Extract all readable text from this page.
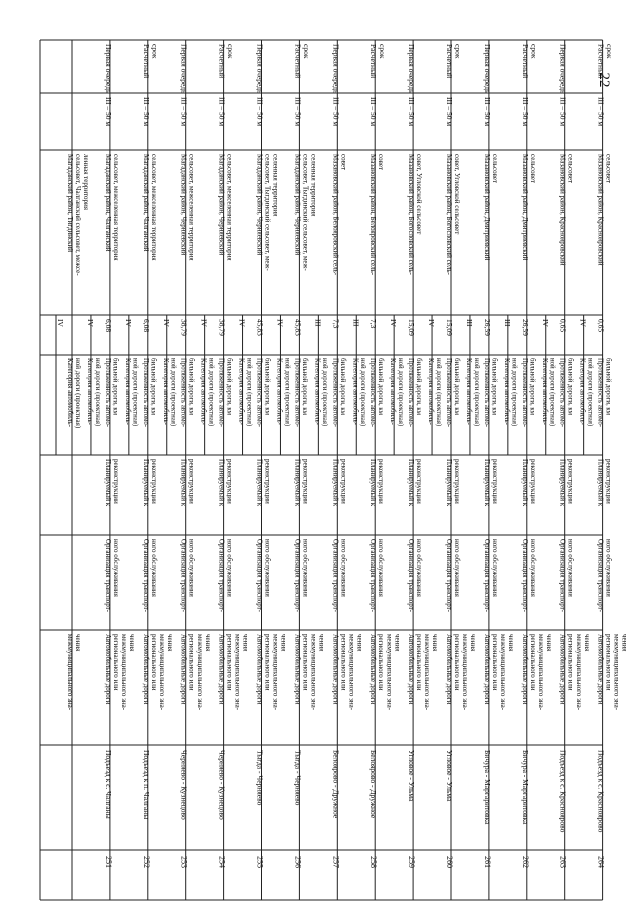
22
межмуниципального зна-чения
Категория автомобиль-ной дороги (проектная)
IV
Магаданский район, Тигдинскийсельсовет, Чалганский сельсовет, межсе-ленная территория
251
Подъезд к с. Чалганы
Автомобильные дорогирегионального илимежмуниципального зна-чения
Организация транспорт-ного обслуживания
Планируемый креконструкции
Протяженность автомо-бильной дороги, км
Категория автомобиль-ной дороги (проектная)
6,08
IV
Магаданский район, Чалганскийсельсовет, межселенная территория
III – 50 м
Первая очередь
252
Подъезд к п. Чалганы
Автомобильные дорогирегионального илимежмуниципального зна-чения
Организация транспорт-ного обслуживания
Планируемый креконструкции
Протяженность автомо-бильной дороги, км
Категория автомобиль-ной дороги (проектная)
6,08
IV
Магаданский район, Чалганскийсельсовет, межселенная территория
III – 50 м
Расчетныйсрок
253
Черняево - Кузнецово
Автомобильные дорогирегионального илимежмуниципального зна-чения
Организация транспорт-ного обслуживания
Планируемый креконструкции
Протяженность автомо-бильной дороги, км
Категория автомобиль-ной дороги (проектная)
38,79
IV
Магаданский район, Черняевскийсельсовет, межселенная территория
III – 50 м
Первая очередь
254
Черняево - Кузнецово
Автомобильные дорогирегионального илимежмуниципального зна-чения
Организация транспорт-ного обслуживания
Планируемый креконструкции
Протяженность автомо-бильной дороги, км
Категория автомобиль-ной дороги (проектная)
38,79
IV
Магаданский район, Черняевскийсельсовет, межселенная территория
III – 50 м
Расчетныйсрок
255
Тыгда - Черняево
Автомобильные дорогирегионального илимежмуниципального зна-чения
Организация транспорт-ного обслуживания
Планируемый креконструкции
Протяженность автомо-бильной дороги, км
Категория автомобиль-ной дороги (проектная)
45,83
IV
Магаданский район, Черняевскийсельсовет, Тыгдинский сельсовет, меж-селенная территория
III – 50 м
Первая очередь
256
Тыгда - Черняево
Автомобильные дорогирегионального илимежмуниципального зна-чения
Организация транспорт-ного обслуживания
Планируемый креконструкции
Протяженность автомо-бильной дороги, км
Категория автомобиль-ной дороги (проектная)
45,83
IV
Магаданский район, Черняевскийсельсовет, Тыгдинский сельсовет, меж-селенная территория
III – 50 м
Расчетныйсрок
257
Белоярово - Дружное
Автомобильные дорогирегионального илимежмуниципального зна-чения
Организация транспорт-ного обслуживания
Планируемый креконструкции
Протяженность автомо-бильной дороги, км
Категория автомобиль-ной дороги (проектная)
7,3
III
Мазановский район, Белояровский сель-совет
III – 50 м
Первая очередь
258
Белоярово - Дружное
Автомобильные дорогирегионального илимежмуниципального зна-чения
Организация транспорт-ного обслуживания
Планируемый креконструкции
Протяженность автомо-бильной дороги, км
Категория автомобиль-ной дороги (проектная)
7,3
III
Мазановский район, Белояровский сель-совет
III – 50 м
Расчетныйсрок
259
Угловое - Ульма
Автомобильные дорогирегионального илимежмуниципального зна-чения
Организация транспорт-ного обслуживания
Планируемый креконструкции
Протяженность автомо-бильной дороги, км
Категория автомобиль-ной дороги (проектная)
15,09
IV
Мазановский район, Богословский сель-совет, Угловской сельсовет
III – 50 м
Первая очередь
260
Угловое - Ульма
Автомобильные дорогирегионального илимежмуниципального зна-чения
Организация транспорт-ного обслуживания
Планируемый креконструкции
Протяженность автомо-бильной дороги, км
Категория автомобиль-ной дороги (проектная)
15,09
IV
Мазановский район, Богословский сель-совет, Угловской сельсовет
III – 50 м
Расчетныйсрок
261
Бичура - Маргаритовка
Автомобильные дорогирегионального илимежмуниципального зна-чения
Организация транспорт-ного обслуживания
Планируемый креконструкции
Протяженность автомо-бильной дороги, км
Категория автомобиль-ной дороги (проектная)
26,59
III
Мазановский район, Дмитриевскийсельсовет
III – 50 м
Первая очередь
262
Бичура - Маргаритовка
Автомобильные дорогирегионального илимежмуниципального зна-чения
Организация транспорт-ного обслуживания
Планируемый креконструкции
Протяженность автомо-бильной дороги, км
Категория автомобиль-ной дороги (проектная)
26,59
III
Мазановский район, Дмитриевскийсельсовет
III – 50 м
Расчетныйсрок
263
Подъезд к с. Красноярово
Автомобильные дорогирегионального илимежмуниципального зна-чения
Организация транспорт-ного обслуживания
Планируемый креконструкции
Протяженность автомо-бильной дороги, км
Категория автомобиль-ной дороги (проектная)
0,65
IV
Мазановский район, Краснояровскийсельсовет
III – 50 м
Первая очередь
264
Подъезд к с. Красноярово
Автомобильные дорогирегионального илимежмуниципального зна-чения
Организация транспорт-ного обслуживания
Планируемый креконструкции
Протяженность автомо-бильной дороги, км
Категория автомобиль-ной дороги (проектная)
0,65
IV
Мазановский район, Краснояровскийсельсовет
III – 50 м
Расчетныйсрок
